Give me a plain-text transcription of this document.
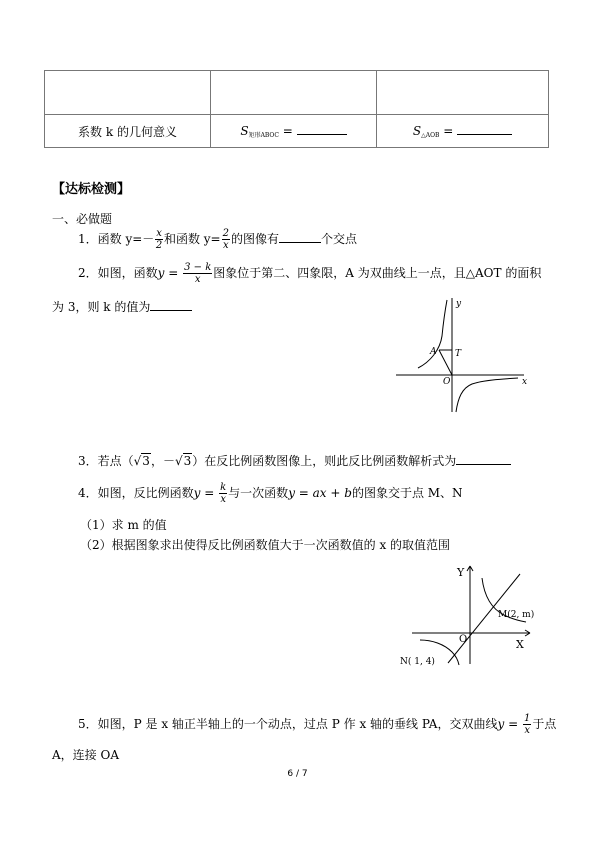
系数 k 的几何意义	$S_{矩形ABOC}$ =	$S_{\triangle AOB}$ =
【达标检测】
一、必做题
1．函数 $y=- \frac{x}{2}$ 和函数 $y= \frac{2}{x}$ 的图像有	个交点
2．如图，函数$y = \frac{3 - k}{x}$ 图象位于第二、四象限，A 为双曲线上一点，且△AOT 的面积
为 3，则 k 的值为
A T
O
y
x
3．若点（√3，－√3）在反比例函数图像上，则此反比例函数解析式为
4．如图，反比例函数$y = \frac{k}{x}$ 与一次函数y = ax + b的图象交于点 M、N
（1）求 m 的值
（2）根据图象求出使得反比例函数值大于一次函数值的 x 的取值范围
Y
X
O
M(2, m)
N( 1, 4)
5．如图，P 是 x 轴正半轴上的一个动点，过点 P 作 x 轴的垂线 PA，交双曲线$y = \frac{1}{x}$ 于点
A，连接 OA
6 / 7
